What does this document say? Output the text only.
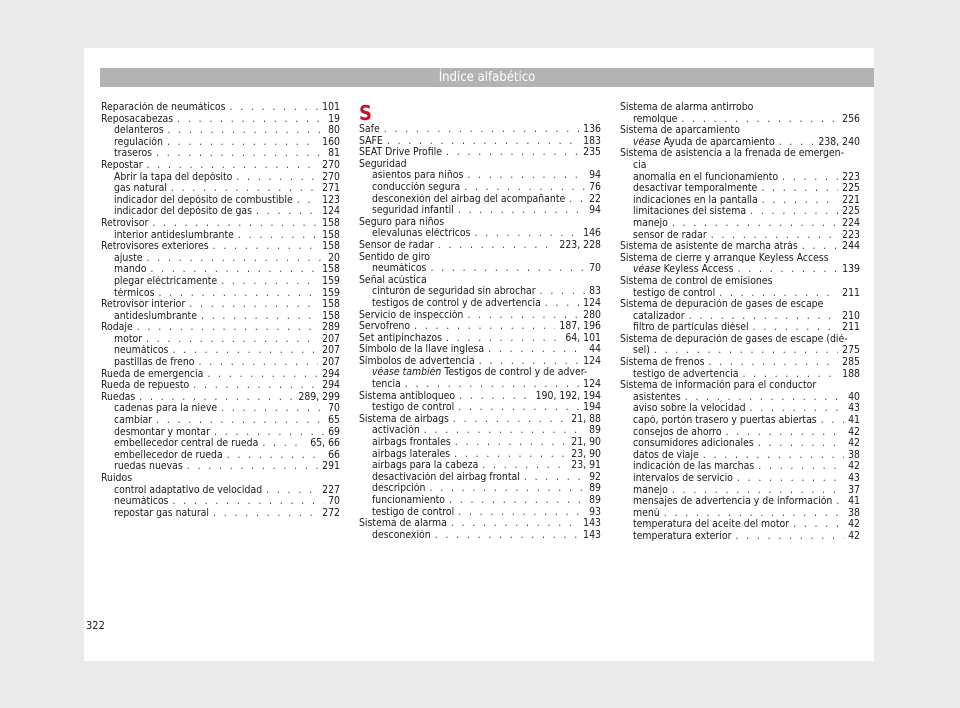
Índice alfabético
Reparación de neumáticos . . .	101
Reposacabezas . . .	19
delanteros . . .	80
regulación . . .	160
traseros . . .	81
Repostar . . .	270
Abrir la tapa del depósito . . .	270
gas natural . . .	271
indicador del depósito de combustible . . .	123
indicador del depósito de gas . . .	124
Retrovisor . . .	158
interior antideslumbrante . . .	158
Retrovisores exteriores . . .	158
ajuste . . .	20
mando . . .	158
plegar eléctricamente . . .	159
térmicos . . .	159
Retrovisor interior . . .	158
antideslumbrante . . .	158
Rodaje . . .	289
motor . . .	207
neumáticos . . .	207
pastillas de freno . . .	207
Rueda de emergencia . . .	294
Rueda de repuesto . . .	294
Ruedas . . .	289, 299
cadenas para la nieve . . .	70
cambiar . . .	65
desmontar y montar . . .	69
embellecedor central de rueda . . .	65, 66
embellecedor de rueda . . .	66
ruedas nuevas . . .	291
Ruidos
control adaptativo de velocidad . . .	227
neumáticos . . .	70
repostar gas natural . . .	272
S
Safe . . .	136
SAFE . . .	183
SEAT Drive Profile . . .	235
Seguridad
asientos para niños . . .	94
conducción segura . . .	76
desconexión del airbag del acompañante . . . 22
seguridad infantil . . .	94
Seguro para niños
elevalunas eléctricos . . .	146
Sensor de radar . . .	223, 228
Sentido de giro
neumáticos . . .	70
Señal acústica
cinturón de seguridad sin abrochar . . .	83
testigos de control y de advertencia . . .	124
Servicio de inspección . . .	280
Servofreno . . .	187, 196
Set antipinchazos . . .	64, 101
Símbolo de la llave inglesa . . .	44
Símbolos de advertencia . . .	124
véase también Testigos de control y de adver-
tencia . . .	124
Sistema antibloqueo . . .	190, 192, 194
testigo de control . . .	194
Sistema de airbags . . .	21, 88
activación . . .	89
airbags frontales . . .	21, 90
airbags laterales . . .	23, 90
airbags para la cabeza . . .	23, 91
desactivación del airbag frontal . . .	92
descripción . . .	89
funcionamiento . . .	89
testigo de control . . .	93
Sistema de alarma . . .	143
desconexión . . .	143
Sistema de alarma antirrobo
remolque . . .	256
Sistema de aparcamiento
véase Ayuda de aparcamiento . . .	238, 240
Sistema de asistencia a la frenada de emergen-
cia
anomalía en el funcionamiento . . .	223
desactivar temporalmente . . .	225
indicaciones en la pantalla . . .	221
limitaciones del sistema . . .	225
manejo . . .	224
sensor de radar . . .	223
Sistema de asistente de marcha atrás . . .	244
Sistema de cierre y arranque Keyless Access
véase Keyless Access . . .	139
Sistema de control de emisiones
testigo de control . . .	211
Sistema de depuración de gases de escape
catalizador . . .	210
filtro de partículas diésel . . .	211
Sistema de depuración de gases de escape (dié-
sel) . . .	275
Sistema de frenos . . .	285
testigo de advertencia . . .	188
Sistema de información para el conductor
asistentes . . .	40
aviso sobre la velocidad . . .	43
capó, portón trasero y puertas abiertas . . .	41
consejos de ahorro . . .	42
consumidores adicionales . . .	42
datos de viaje . . .	38
indicación de las marchas . . .	42
intervalos de servicio . . .	43
manejo . . .	37
mensajes de advertencia y de información . . . 41
menú . . .	38
temperatura del aceite del motor . . .	42
temperatura exterior . . .	42
322
